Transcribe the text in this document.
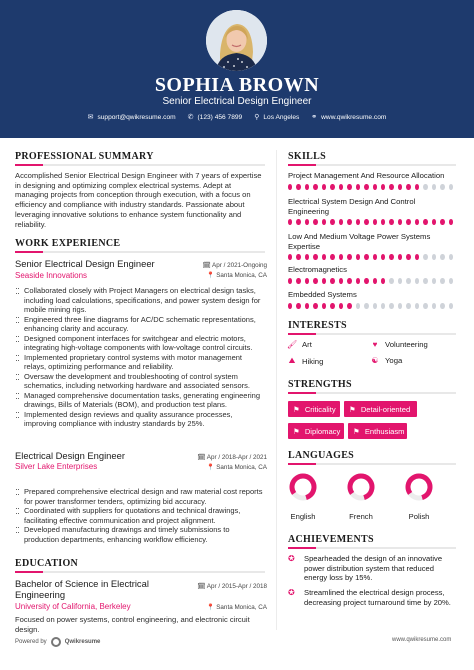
SOPHIA BROWN
Senior Electrical Design Engineer
✉ support@qwikresume.com ✆ (123) 456 7899 ⚲ Los Angeles ⚭ www.qwikresume.com
PROFESSIONAL SUMMARY
Accomplished Senior Electrical Design Engineer with 7 years of expertise in designing and optimizing complex electrical systems. Adept at managing projects from conception through execution, with a focus on efficiency and compliance with industry standards. Passionate about leveraging innovative solutions to enhance system functionality and reliability.
WORK EXPERIENCE
Senior Electrical Design Engineer	🗓 Apr / 2021-Ongoing
Seaside Innovations	📍 Santa Monica, CA
Collaborated closely with Project Managers on electrical design tasks, including load calculations, specifications, and power system design for mobile mining rigs.
Engineered three line diagrams for AC/DC schematic representations, enhancing clarity and accuracy.
Designed component interfaces for switchgear and electric motors, integrating high-voltage components with low-voltage control circuits.
Implemented proprietary control systems with motor management relays, optimizing performance and reliability.
Oversaw the development and troubleshooting of control system schematics, including networking hardware and associated sensors.
Managed comprehensive documentation tasks, generating engineering drawings, Bills of Materials (BOM), and production test plans.
Implemented design reviews and quality assurance processes, improving compliance with industry standards by 25%.
Electrical Design Engineer	🗓 Apr / 2018-Apr / 2021
Silver Lake Enterprises	📍 Santa Monica, CA
Prepared comprehensive electrical design and raw material cost reports for power transformer tenders, optimizing bid accuracy.
Coordinated with suppliers for quotations and technical drawings, facilitating effective communication and project alignment.
Developed manufacturing drawings and timely submissions to production departments, enhancing workflow efficiency.
EDUCATION
Bachelor of Science in Electrical Engineering
🗓 Apr / 2015-Apr / 2018
University of California, Berkeley	📍 Santa Monica, CA
Focused on power systems, control engineering, and electronic circuit design.
Powered by	Qwikresume	www.qwikresume.com
SKILLS
Project Management And Resource Allocation
Electrical System Design And Control Engineering
Low And Medium Voltage Power Systems Expertise
Electromagnetics
Embedded Systems
INTERESTS
🖌 Art	♥ Volunteering
⛰ Hiking	☯ Yoga
STRENGTHS
⚑ Criticality ⚑ Detail-oriented
⚑ Diplomacy ⚑ Enthusiasm
LANGUAGES
English	French	Polish
ACHIEVEMENTS
✪	Spearheaded the design of an innovative power distribution system that reduced energy loss by 15%.
✪	Streamlined the electrical design process, decreasing project turnaround time by 20%.
